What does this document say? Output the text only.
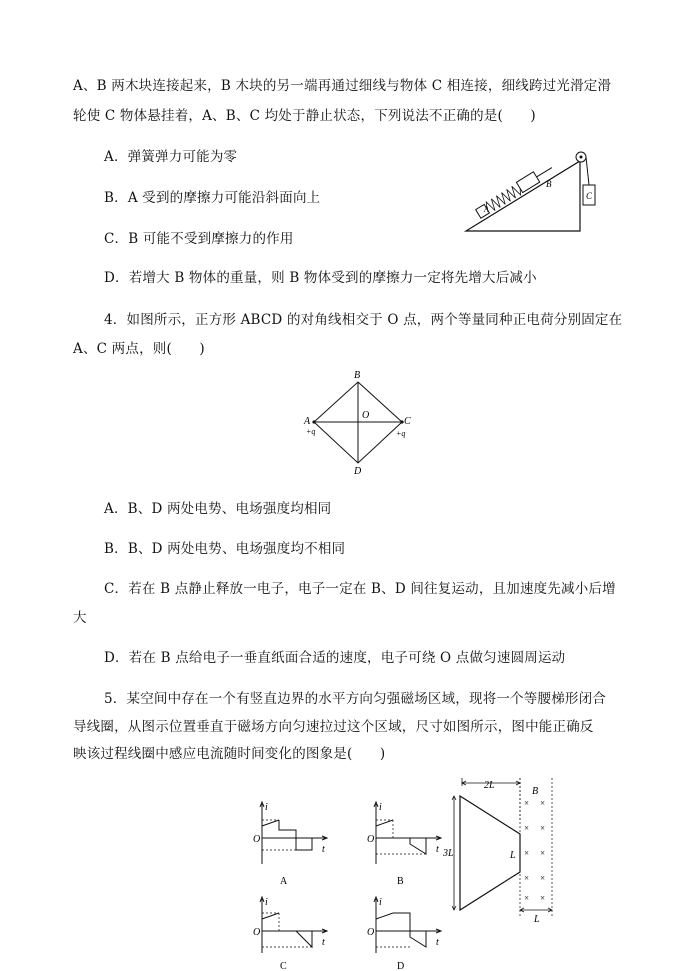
A、B 两木块连接起来，B 木块的另一端再通过细线与物体 C 相连接，细线跨过光滑定滑
轮使 C 物体悬挂着，A、B、C 均处于静止状态，下列说法不正确的是(　　)
A．弹簧弹力可能为零
B．A 受到的摩擦力可能沿斜面向上
C．B 可能不受到摩擦力的作用
D．若增大 B 物体的重量，则 B 物体受到的摩擦力一定将先增大后减小
A
B
C
4．如图所示，正方形 ABCD 的对角线相交于 O 点，两个等量同种正电荷分别固定在
A、C 两点，则(　　)
B
D
A	C
O
+q	+q
A．B、D 两处电势、电场强度均相同
B．B、D 两处电势、电场强度均不相同
C．若在 B 点静止释放一电子，电子一定在 B、D 间往复运动，且加速度先减小后增
大
D．若在 B 点给电子一垂直纸面合适的速度，电子可绕 O 点做匀速圆周运动
5．某空间中存在一个有竖直边界的水平方向匀强磁场区域，现将一个等腰梯形闭合
导线圈，从图示位置垂直于磁场方向匀速拉过这个区域，尺寸如图所示，图中能正确反
映该过程线圈中感应电流随时间变化的图象是(　　)
i
O
t
A
i
O
t
B
i
O
t
C
i
O
t
D
2L
3L	L
B
× ×
× ×
× ×
× ×
× ×
L
